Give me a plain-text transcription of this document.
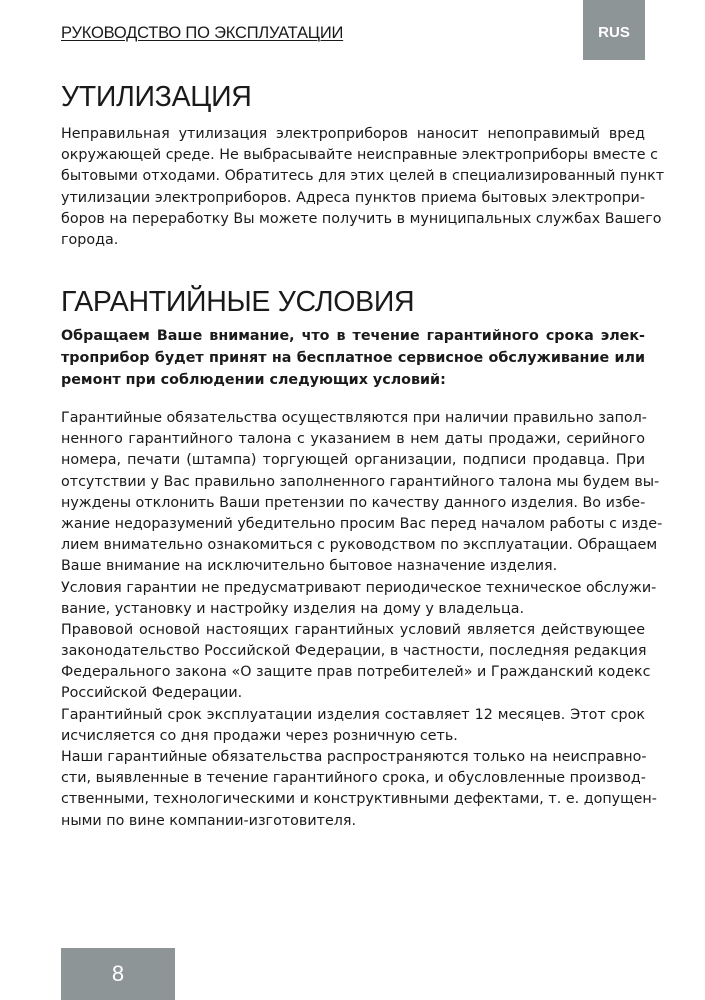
РУКОВОДСТВО ПО ЭКСПЛУАТАЦИИ	RUS
УТИЛИЗАЦИЯ

Неправильная утилизация электроприборов наносит непоправимый вред
окружающей среде. Не выбрасывайте неисправные электроприборы вместе с
бытовыми отходами. Обратитесь для этих целей в специализированный пункт
утилизации электроприборов. Адреса пунктов приема бытовых электропри-
боров на переработку Вы можете получить в муниципальных службах Вашего
города.

ГАРАНТИЙНЫЕ УСЛОВИЯ

Обращаем Ваше внимание, что в течение гарантийного срока элек-
троприбор будет принят на бесплатное сервисное обслуживание или
ремонт при соблюдении следующих условий:

Гарантийные обязательства осуществляются при наличии правильно запол-
ненного гарантийного талона с указанием в нем даты продажи, серийного
номера, печати (штампа) торгующей организации, подписи продавца. При
отсутствии у Вас правильно заполненного гарантийного талона мы будем вы-
нуждены отклонить Ваши претензии по качеству данного изделия. Во избе-
жание недоразумений убедительно просим Вас перед началом работы с изде-
лием внимательно ознакомиться с руководством по эксплуатации. Обращаем
Ваше внимание на исключительно бытовое назначение изделия.
Условия гарантии не предусматривают периодическое техническое обслужи-
вание, установку и настройку изделия на дому у владельца.
Правовой основой настоящих гарантийных условий является действующее
законодательство Российской Федерации, в частности, последняя редакция
Федерального закона «О защите прав потребителей» и Гражданский кодекс
Российской Федерации.
Гарантийный срок эксплуатации изделия составляет 12 месяцев. Этот срок
исчисляется со дня продажи через розничную сеть.
Наши гарантийные обязательства распространяются только на неисправно-
сти, выявленные в течение гарантийного срока, и обусловленные производ-
ственными, технологическими и конструктивными дефектами, т. е. допущен-
ными по вине компании-изготовителя.

8
